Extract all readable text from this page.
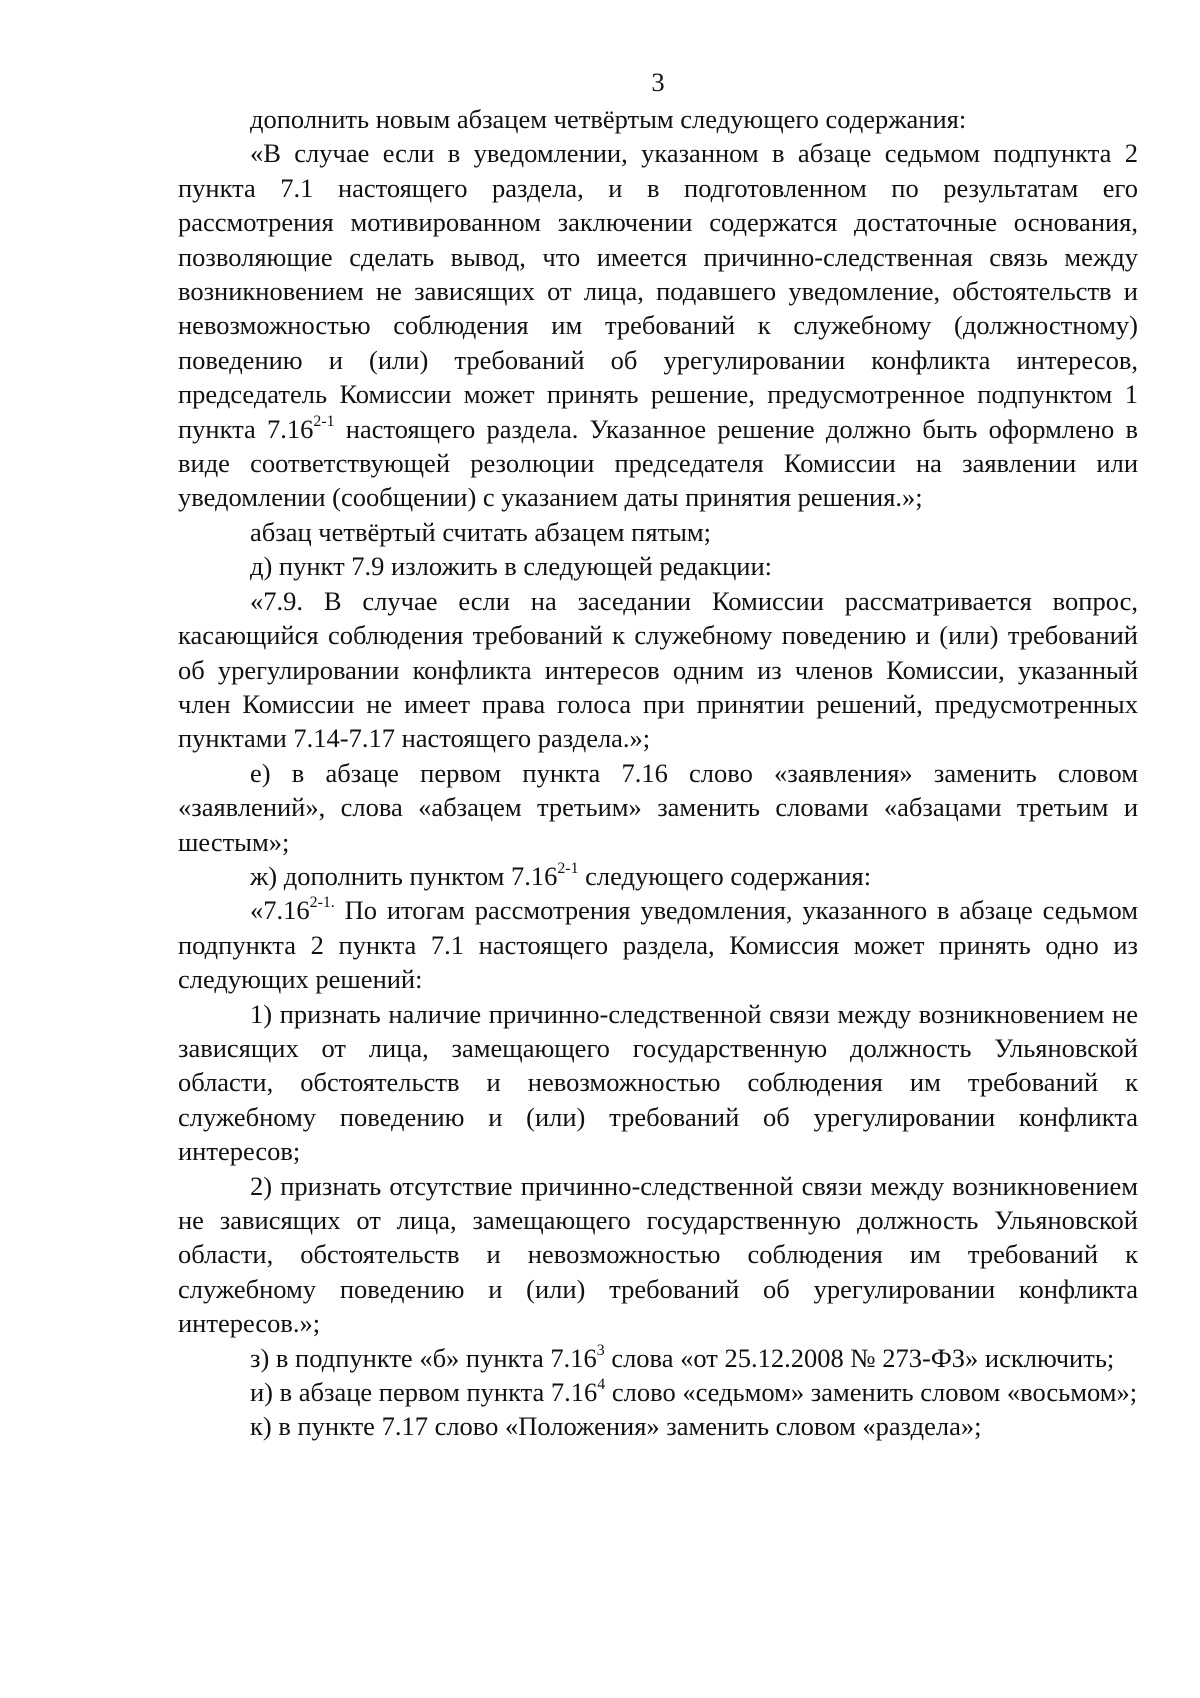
3

дополнить новым абзацем четвёртым следующего содержания:

«В случае если в уведомлении, указанном в абзаце седьмом подпункта 2 пункта 7.1 настоящего раздела, и в подготовленном по результатам его рассмотрения мотивированном заключении содержатся достаточные основания, позволяющие сделать вывод, что имеется причинно-следственная связь между возникновением не зависящих от лица, подавшего уведомление, обстоятельств и невозможностью соблюдения им требований к служебному (должностному) поведению и (или) требований об урегулировании конфликта интересов, председатель Комиссии может принять решение, предусмотренное подпунктом 1 пункта 7.16$^{2-1}$ настоящего раздела. Указанное решение должно быть оформлено в виде соответствующей резолюции председателя Комиссии на заявлении или уведомлении (сообщении) с указанием даты принятия решения.»;

абзац четвёртый считать абзацем пятым;

д) пункт 7.9 изложить в следующей редакции:

«7.9. В случае если на заседании Комиссии рассматривается вопрос, касающийся соблюдения требований к служебному поведению и (или) требований об урегулировании конфликта интересов одним из членов Комиссии, указанный член Комиссии не имеет права голоса при принятии решений, предусмотренных пунктами 7.14-7.17 настоящего раздела.»;

е) в абзаце первом пункта 7.16 слово «заявления» заменить словом «заявлений», слова «абзацем третьим» заменить словами «абзацами третьим и шестым»;

ж) дополнить пунктом 7.16$^{2-1}$ следующего содержания:

«$7.16^{2-1.}$ По итогам рассмотрения уведомления, указанного в абзаце седьмом подпункта 2 пункта 7.1 настоящего раздела, Комиссия может принять одно из следующих решений:

1) признать наличие причинно-следственной связи между возникновением не зависящих от лица, замещающего государственную должность Ульяновской области, обстоятельств и невозможностью соблюдения им требований к служебному поведению и (или) требований об урегулировании конфликта интересов;

2) признать отсутствие причинно-следственной связи между возникновением не зависящих от лица, замещающего государственную должность Ульяновской области, обстоятельств и невозможностью соблюдения им требований к служебному поведению и (или) требований об урегулировании конфликта интересов.»;

з) в подпункте «б» пункта 7.16$^3$ слова «от 25.12.2008 № 273-ФЗ» исключить;

и) в абзаце первом пункта 7.16$^4$ слово «седьмом» заменить словом «восьмом»;

к) в пункте 7.17 слово «Положения» заменить словом «раздела»;
